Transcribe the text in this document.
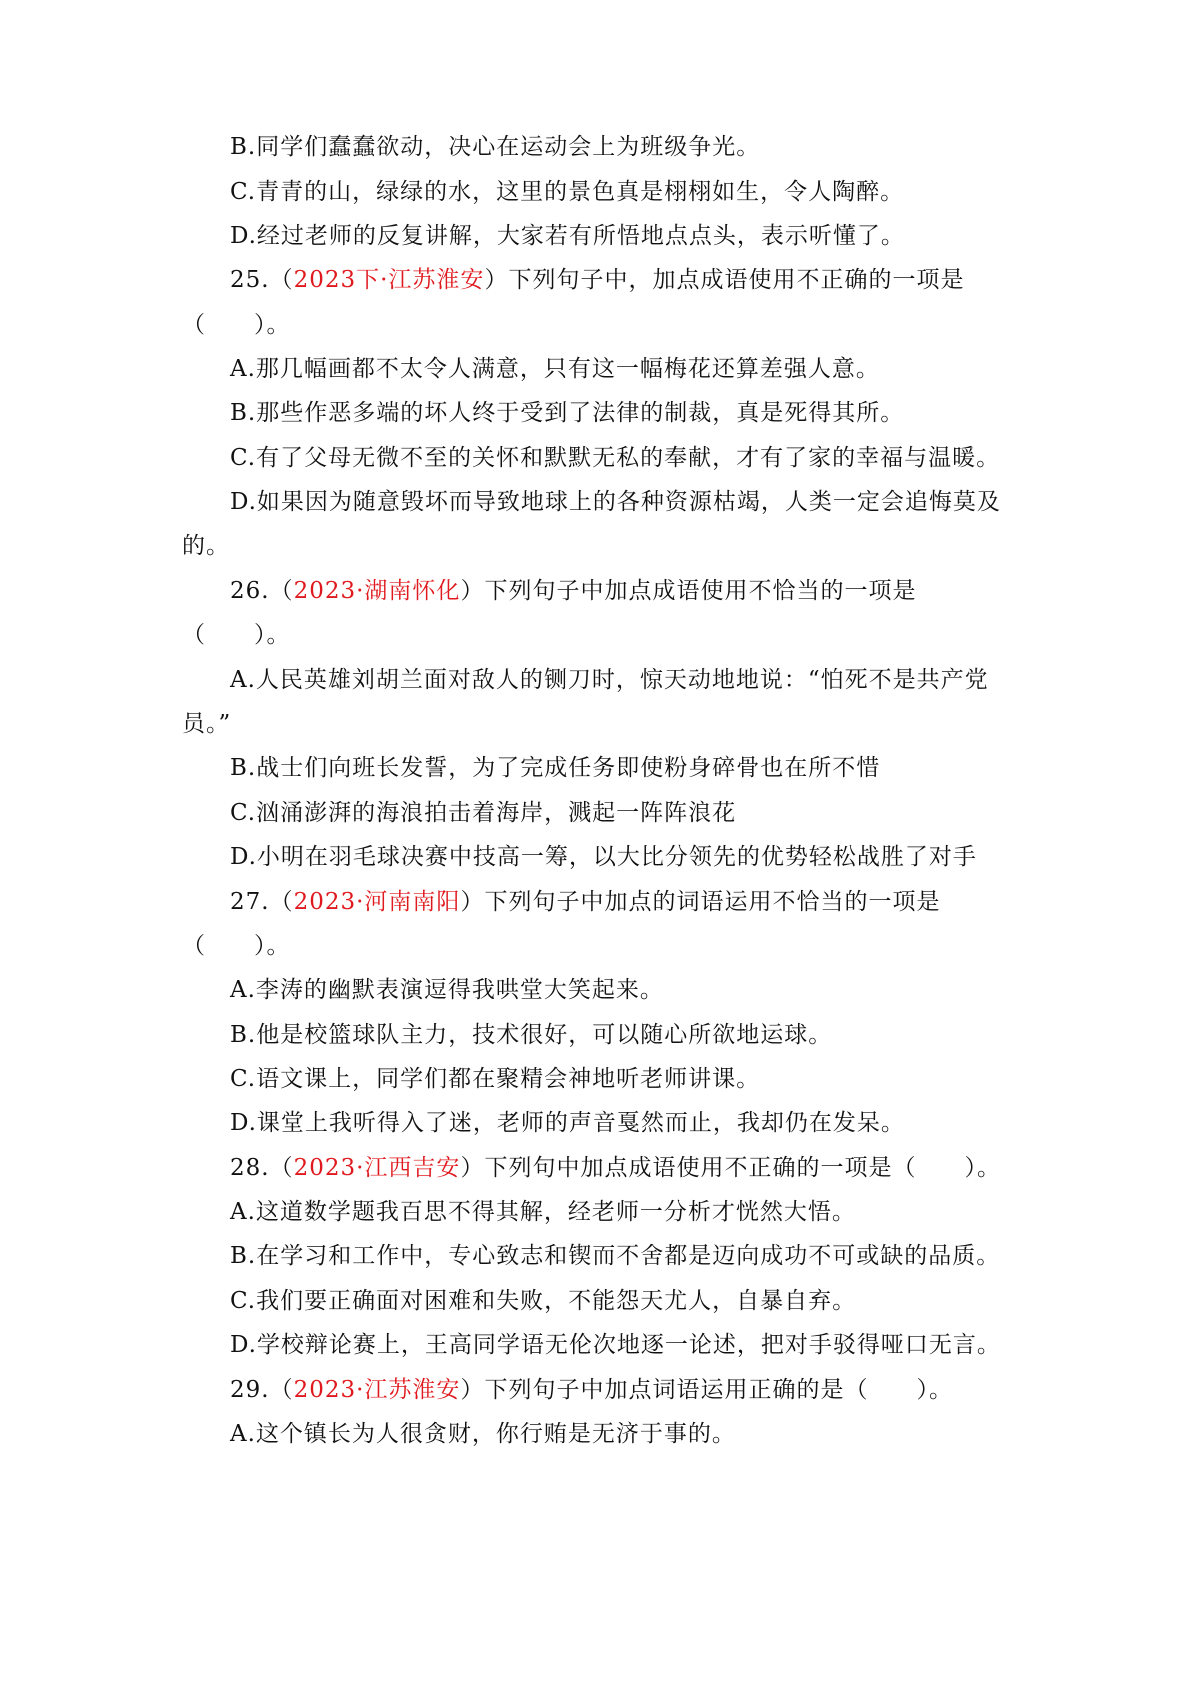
B.同学们蠢蠢欲动，决心在运动会上为班级争光。
C.青青的山，绿绿的水，这里的景色真是栩栩如生，令人陶醉。
D.经过老师的反复讲解，大家若有所悟地点点头，表示听懂了。
25.（2023下·江苏淮安）下列句子中，加点成语使用不正确的一项是
（　　）。
A.那几幅画都不太令人满意，只有这一幅梅花还算差强人意。
B.那些作恶多端的坏人终于受到了法律的制裁，真是死得其所。
C.有了父母无微不至的关怀和默默无私的奉献，才有了家的幸福与温暖。
D.如果因为随意毁坏而导致地球上的各种资源枯竭，人类一定会追悔莫及
的。
26.（2023·湖南怀化）下列句子中加点成语使用不恰当的一项是
（　　）。
A.人民英雄刘胡兰面对敌人的铡刀时，惊天动地地说：“怕死不是共产党
员。”
B.战士们向班长发誓，为了完成任务即使粉身碎骨也在所不惜
C.汹涌澎湃的海浪拍击着海岸，溅起一阵阵浪花
D.小明在羽毛球决赛中技高一筹，以大比分领先的优势轻松战胜了对手
27.（2023·河南南阳）下列句子中加点的词语运用不恰当的一项是
（　　）。
A.李涛的幽默表演逗得我哄堂大笑起来。
B.他是校篮球队主力，技术很好，可以随心所欲地运球。
C.语文课上，同学们都在聚精会神地听老师讲课。
D.课堂上我听得入了迷，老师的声音戛然而止，我却仍在发呆。
28.（2023·江西吉安）下列句中加点成语使用不正确的一项是（　　）。
A.这道数学题我百思不得其解，经老师一分析才恍然大悟。
B.在学习和工作中，专心致志和锲而不舍都是迈向成功不可或缺的品质。
C.我们要正确面对困难和失败，不能怨天尤人，自暴自弃。
D.学校辩论赛上，王高同学语无伦次地逐一论述，把对手驳得哑口无言。
29.（2023·江苏淮安）下列句子中加点词语运用正确的是（　　）。
A.这个镇长为人很贪财，你行贿是无济于事的。
